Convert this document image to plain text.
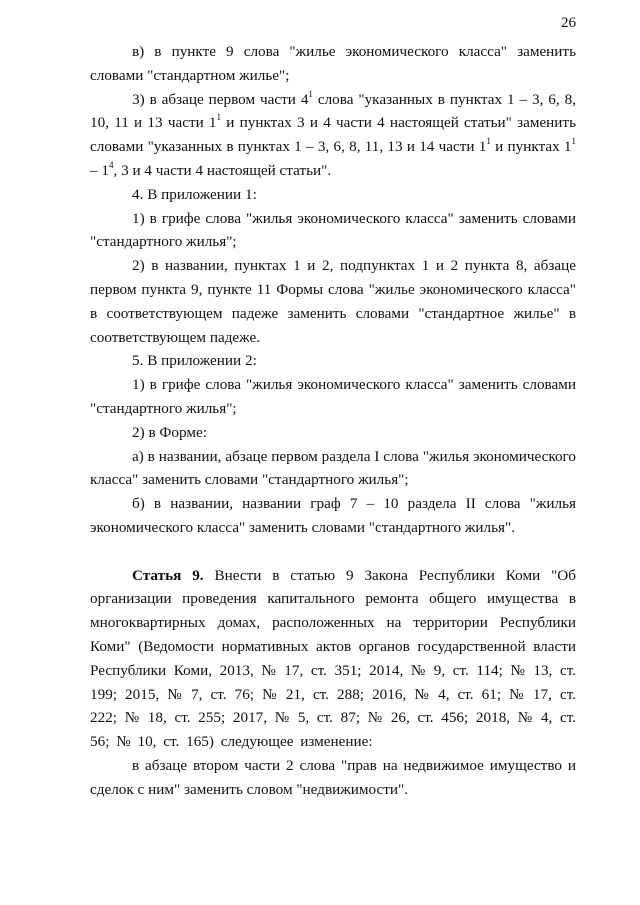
26

в) в пункте 9 слова "жилье экономического класса" заменить словами "стандартном жилье";

3) в абзаце первом части $4^1$ слова "указанных в пунктах 1 – 3, 6, 8, 10, 11 и 13 части $1^1$ и пунктах 3 и 4 части 4 настоящей статьи" заменить словами "указанных в пунктах 1 – 3, 6, 8, 11, 13 и 14 части $1^1$ и пунктах $1^1 - 1^4$, 3 и 4 части 4 настоящей статьи".

4. В приложении 1:

1) в грифе слова "жилья экономического класса" заменить словами "стандартного жилья";

2) в названии, пунктах 1 и 2, подпунктах 1 и 2 пункта 8, абзаце первом пункта 9, пункте 11 Формы слова "жилье экономического класса" в соответствующем падеже заменить словами "стандартное жилье" в соответствующем падеже.

5. В приложении 2:

1) в грифе слова "жилья экономического класса" заменить словами "стандартного жилья";

2) в Форме:

а) в названии, абзаце первом раздела I слова "жилья экономического класса" заменить словами "стандартного жилья";

б) в названии, названии граф 7 – 10 раздела II слова "жилья экономического класса" заменить словами "стандартного жилья".

Статья 9. Внести в статью 9 Закона Республики Коми "Об организации проведения капитального ремонта общего имущества в многоквартирных домах, расположенных на территории Республики Коми" (Ведомости нормативных актов органов государственной власти Республики Коми, 2013, № 17, ст. 351; 2014, № 9, ст. 114; № 13, ст. 199; 2015, № 7, ст. 76; № 21, ст. 288; 2016, № 4, ст. 61; № 17, ст. 222; № 18, ст. 255; 2017, № 5, ст. 87; № 26, ст. 456; 2018, № 4, ст. 56; № 10, ст. 165) следующее изменение:

в абзаце втором части 2 слова "прав на недвижимое имущество и сделок с ним" заменить словом "недвижимости".
